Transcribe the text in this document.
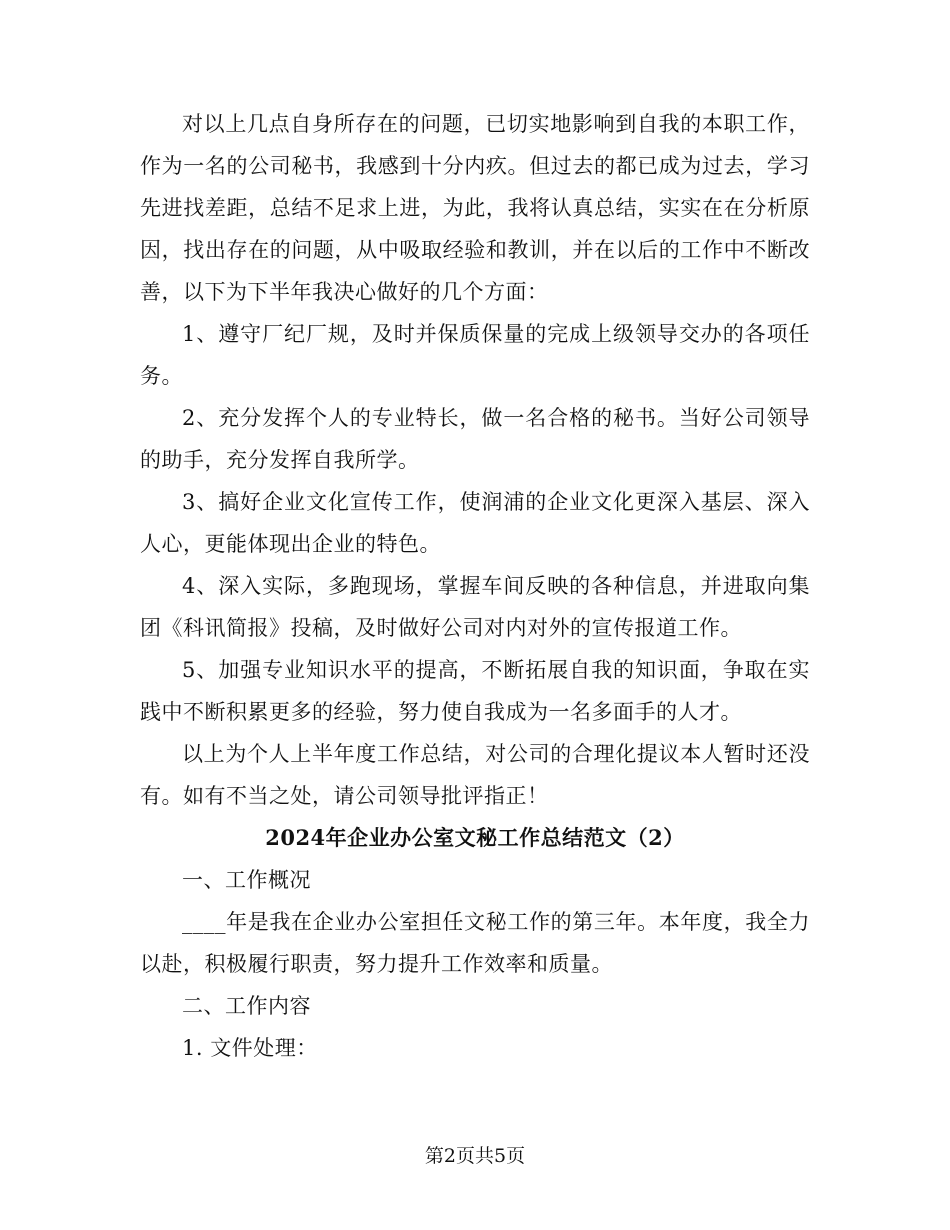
对以上几点自身所存在的问题，已切实地影响到自我的本职工作，作为一名的公司秘书，我感到十分内疚。但过去的都已成为过去，学习先进找差距，总结不足求上进，为此，我将认真总结，实实在在分析原因，找出存在的问题，从中吸取经验和教训，并在以后的工作中不断改善，以下为下半年我决心做好的几个方面：

1、遵守厂纪厂规，及时并保质保量的完成上级领导交办的各项任务。

2、充分发挥个人的专业特长，做一名合格的秘书。当好公司领导的助手，充分发挥自我所学。

3、搞好企业文化宣传工作，使润浦的企业文化更深入基层、深入人心，更能体现出企业的特色。

4、深入实际，多跑现场，掌握车间反映的各种信息，并进取向集团《科讯简报》投稿，及时做好公司对内对外的宣传报道工作。

5、加强专业知识水平的提高，不断拓展自我的知识面，争取在实践中不断积累更多的经验，努力使自我成为一名多面手的人才。

以上为个人上半年度工作总结，对公司的合理化提议本人暂时还没有。如有不当之处，请公司领导批评指正！

2024年企业办公室文秘工作总结范文（2）

一、工作概况

____年是我在企业办公室担任文秘工作的第三年。本年度，我全力以赴，积极履行职责，努力提升工作效率和质量。

二、工作内容

1. 文件处理：

第2页共5页
